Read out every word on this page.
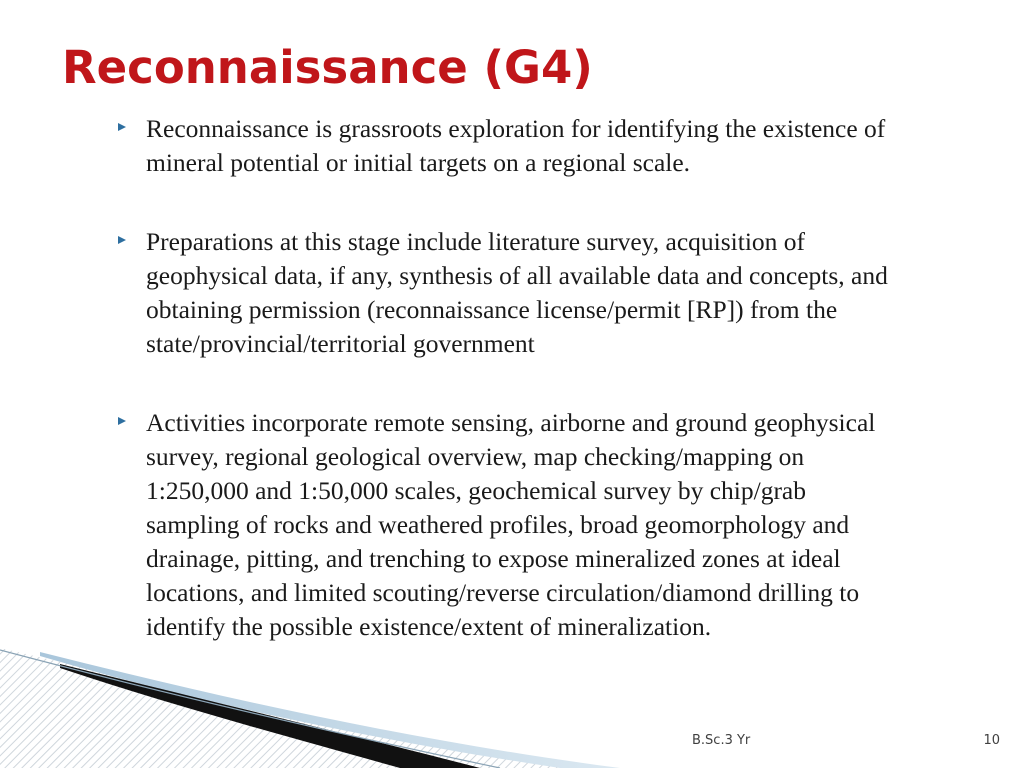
Reconnaissance (G4)
Reconnaissance is grassroots exploration for identifying the existence of mineral potential or initial targets on a regional scale.
Preparations at this stage include literature survey, acquisition of geophysical data, if any, synthesis of all available data and concepts, and obtaining permission (reconnaissance license/permit [RP]) from the state/provincial/territorial government
Activities incorporate remote sensing, airborne and ground geophysical survey, regional geological overview, map checking/mapping on 1:250,000 and 1:50,000 scales, geochemical survey by chip/grab sampling of rocks and weathered profiles, broad geomorphology and drainage, pitting, and trenching to expose mineralized zones at ideal locations, and limited scouting/reverse circulation/diamond drilling to identify the possible existence/extent of mineralization.
B.Sc.3 Yr	10
